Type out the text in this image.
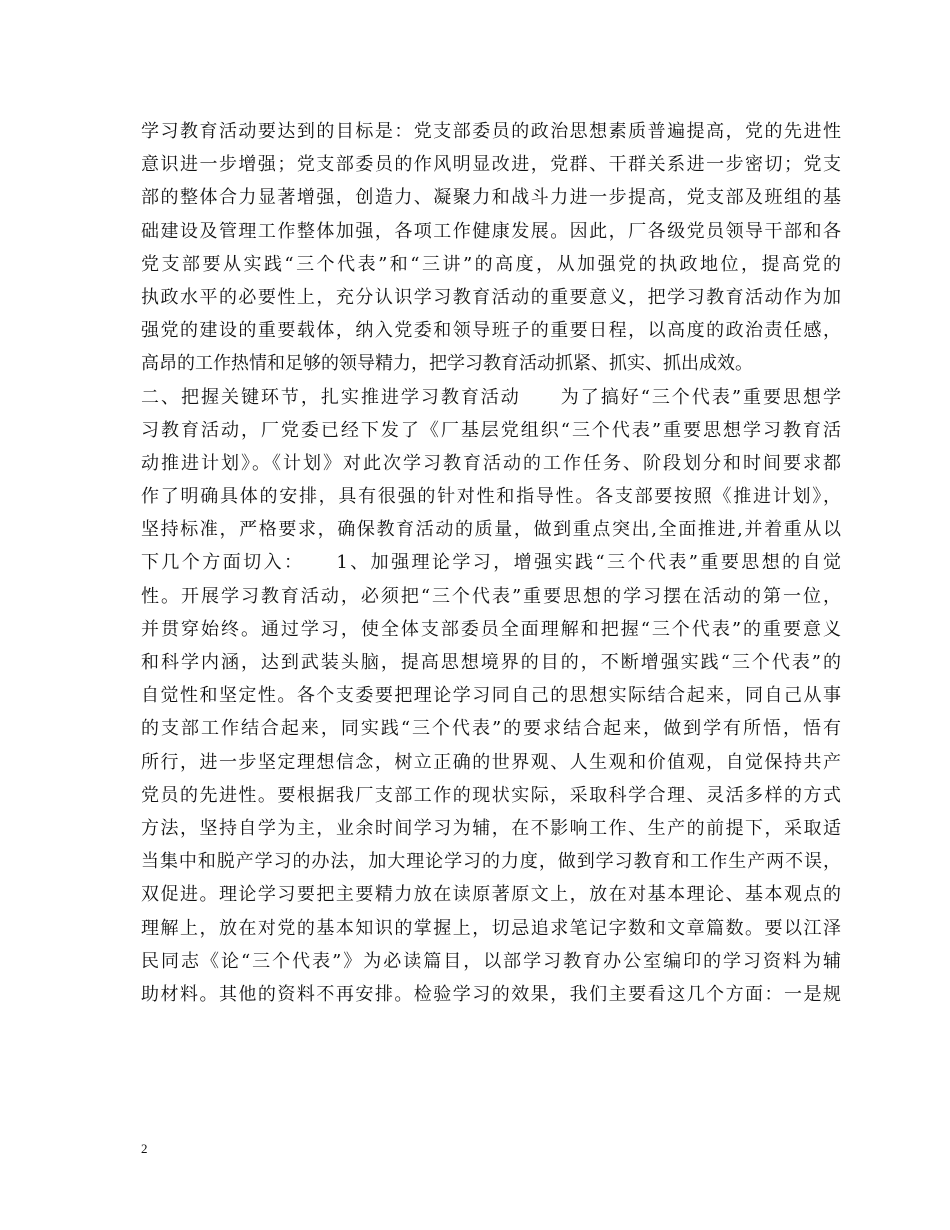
学习教育活动要达到的目标是：党支部委员的政治思想素质普遍提高，党的先进性
意识进一步增强；党支部委员的作风明显改进，党群、干群关系进一步密切；党支
部的整体合力显著增强，创造力、凝聚力和战斗力进一步提高，党支部及班组的基
础建设及管理工作整体加强，各项工作健康发展。因此，厂各级党员领导干部和各
党支部要从实践“三个代表”和“三讲”的高度，从加强党的执政地位，提高党的
执政水平的必要性上，充分认识学习教育活动的重要意义，把学习教育活动作为加
强党的建设的重要载体，纳入党委和领导班子的重要日程，以高度的政治责任感，
高昂的工作热情和足够的领导精力，把学习教育活动抓紧、抓实、抓出成效。
二、把握关键环节，扎实推进学习教育活动　　为了搞好“三个代表”重要思想学
习教育活动，厂党委已经下发了《厂基层党组织“三个代表”重要思想学习教育活
动推进计划》。《计划》对此次学习教育活动的工作任务、阶段划分和时间要求都
作了明确具体的安排，具有很强的针对性和指导性。各支部要按照《推进计划》，
坚持标准，严格要求，确保教育活动的质量，做到重点突出,全面推进,并着重从以
下几个方面切入：　　1、加强理论学习，增强实践“三个代表”重要思想的自觉
性。开展学习教育活动，必须把“三个代表”重要思想的学习摆在活动的第一位，
并贯穿始终。通过学习，使全体支部委员全面理解和把握“三个代表”的重要意义
和科学内涵，达到武装头脑，提高思想境界的目的，不断增强实践“三个代表”的
自觉性和坚定性。各个支委要把理论学习同自己的思想实际结合起来，同自己从事
的支部工作结合起来，同实践“三个代表”的要求结合起来，做到学有所悟，悟有
所行，进一步坚定理想信念，树立正确的世界观、人生观和价值观，自觉保持共产
党员的先进性。要根据我厂支部工作的现状实际，采取科学合理、灵活多样的方式
方法，坚持自学为主，业余时间学习为辅，在不影响工作、生产的前提下，采取适
当集中和脱产学习的办法，加大理论学习的力度，做到学习教育和工作生产两不误，
双促进。理论学习要把主要精力放在读原著原文上，放在对基本理论、基本观点的
理解上，放在对党的基本知识的掌握上，切忌追求笔记字数和文章篇数。要以江泽
民同志《论“三个代表”》为必读篇目，以部学习教育办公室编印的学习资料为辅
助材料。其他的资料不再安排。检验学习的效果，我们主要看这几个方面：一是规
2
